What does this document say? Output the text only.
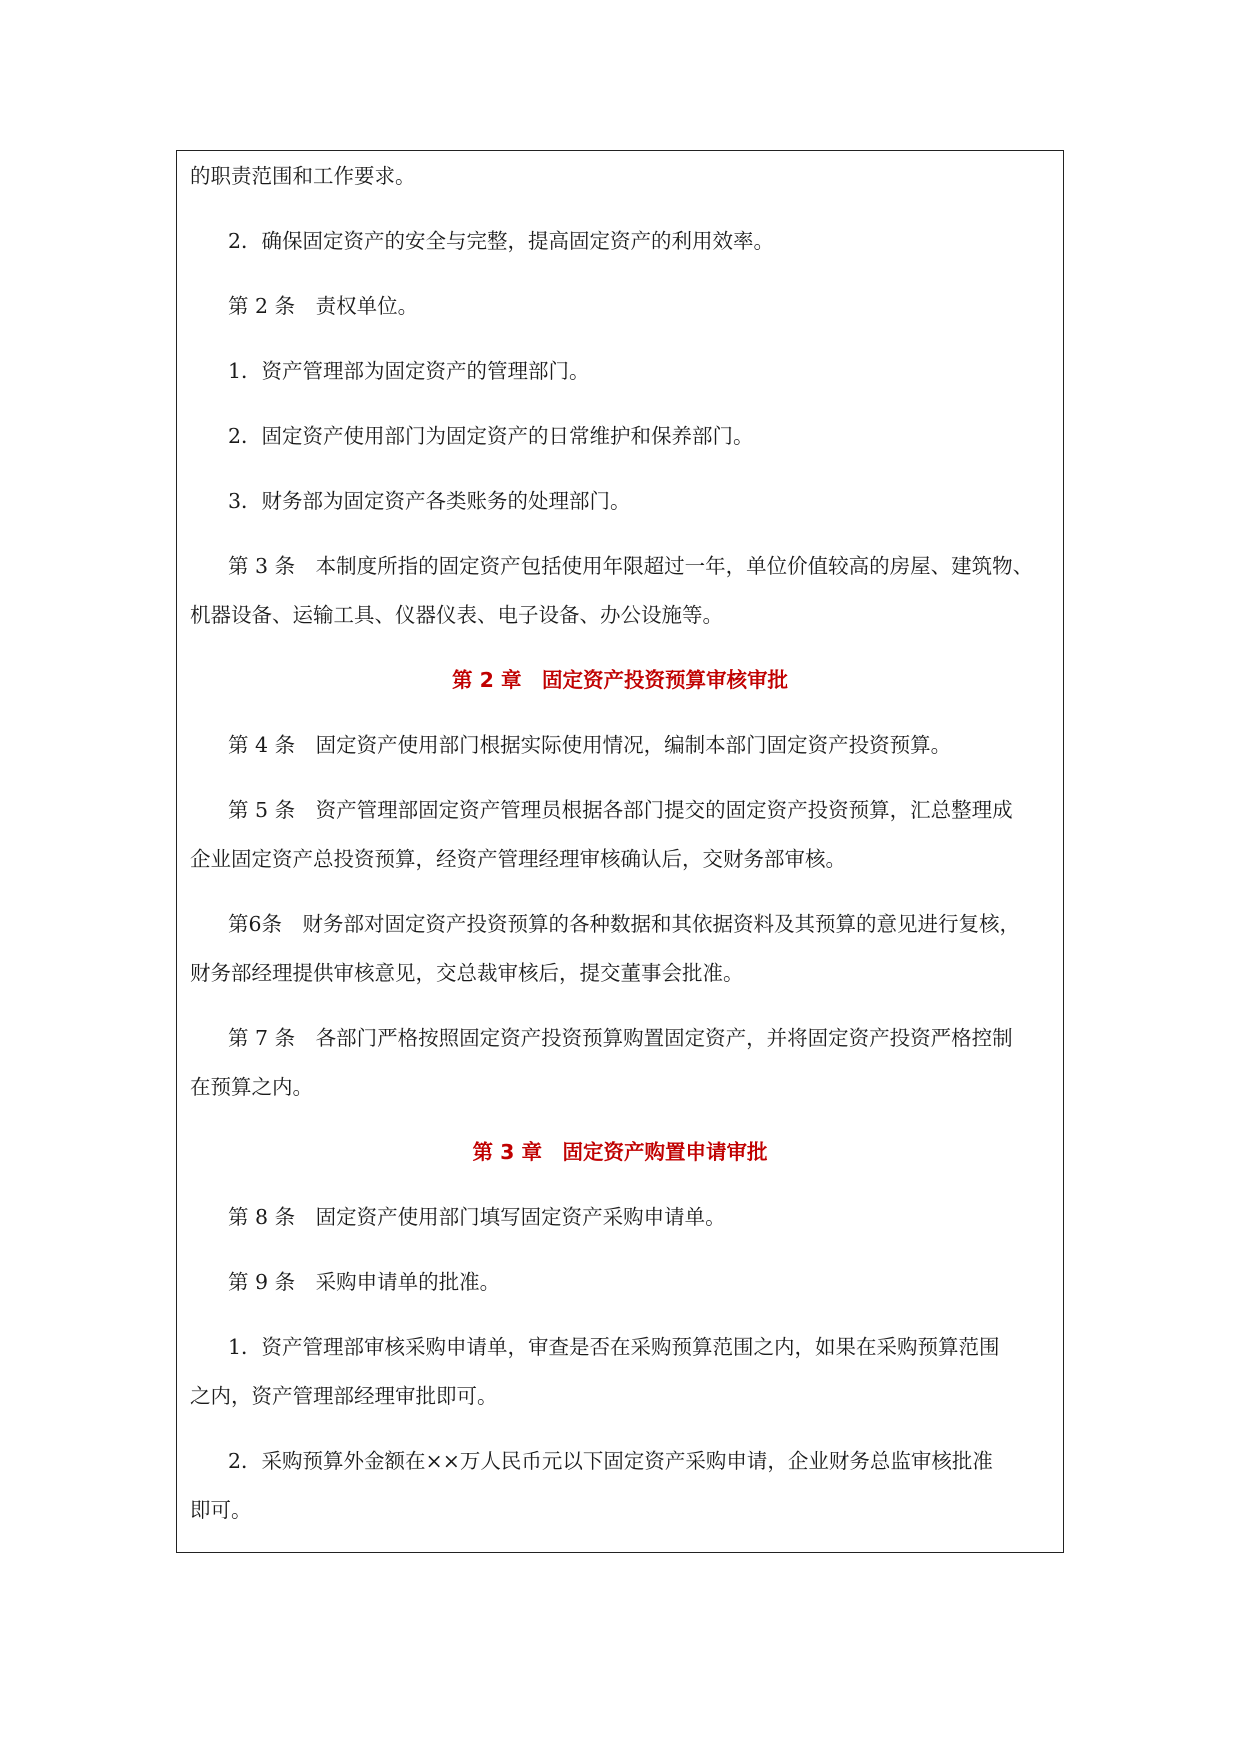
的职责范围和工作要求。

2．确保固定资产的安全与完整，提高固定资产的利用效率。

第 2 条　责权单位。

1．资产管理部为固定资产的管理部门。

2．固定资产使用部门为固定资产的日常维护和保养部门。

3．财务部为固定资产各类账务的处理部门。

第 3 条　本制度所指的固定资产包括使用年限超过一年，单位价值较高的房屋、建筑物、
机器设备、运输工具、仪器仪表、电子设备、办公设施等。

第 2 章　固定资产投资预算审核审批

第 4 条　固定资产使用部门根据实际使用情况，编制本部门固定资产投资预算。

第 5 条　资产管理部固定资产管理员根据各部门提交的固定资产投资预算，汇总整理成
企业固定资产总投资预算，经资产管理经理审核确认后，交财务部审核。

第6条　财务部对固定资产投资预算的各种数据和其依据资料及其预算的意见进行复核，
财务部经理提供审核意见，交总裁审核后，提交董事会批准。

第 7 条　各部门严格按照固定资产投资预算购置固定资产，并将固定资产投资严格控制
在预算之内。

第 3 章　固定资产购置申请审批

第 8 条　固定资产使用部门填写固定资产采购申请单。

第 9 条　采购申请单的批准。

1．资产管理部审核采购申请单，审查是否在采购预算范围之内，如果在采购预算范围
之内，资产管理部经理审批即可。

2．采购预算外金额在××万人民币元以下固定资产采购申请，企业财务总监审核批准
即可。
